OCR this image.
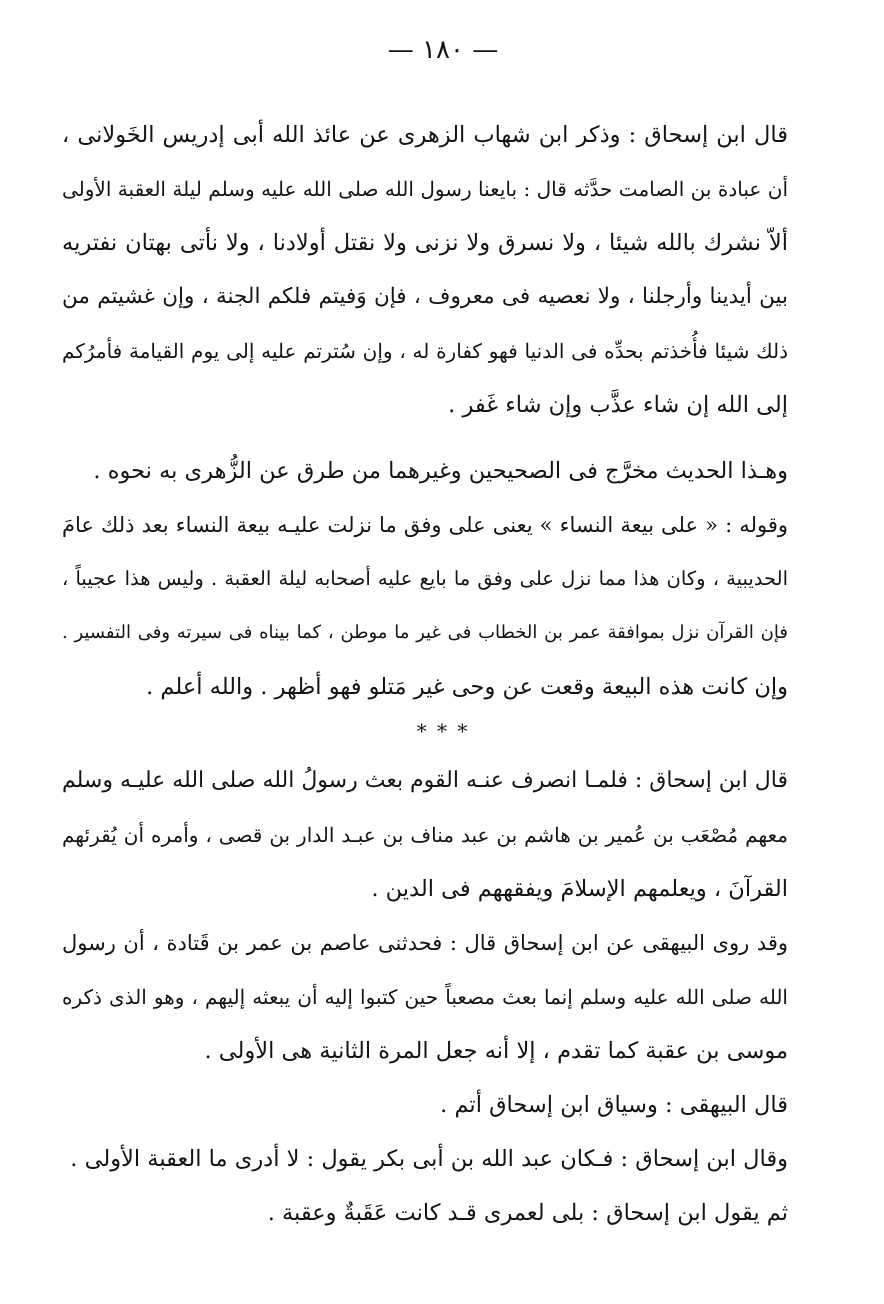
— ١٨٠ —

قال ابن إسحاق : وذكر ابن شهاب الزهرى عن عائذ الله أبى إدريس الخَولانى ،
أن عبادة بن الصامت حدَّثه قال : بايعنا رسول الله صلى الله عليه وسلم ليلة العقبة الأولى
ألاّ نشرك بالله شيئا ، ولا نسرق ولا نزنى ولا نقتل أولادنا ، ولا نأتى بهتان نفتريه
بين أيدينا وأرجلنا ، ولا نعصيه فى معروف ، فإن وَفيتم فلكم الجنة ، وإن غشيتم من
ذلك شيئا فأُخذتم بحدِّه فى الدنيا فهو كفارة له ، وإن سُترتم عليه إلى يوم القيامة فأمرُكم
إلى الله إن شاء عذَّب وإن شاء غَفر .

وهـذا الحديث مخرَّج فى الصحيحين وغيرهما من طرق عن الزُّهرى به نحوه .

وقوله : « على بيعة النساء » يعنى على وفق ما نزلت عليـه بيعة النساء بعد ذلك عامَ
الحديبية ، وكان هذا مما نزل على وفق ما بايع عليه أصحابه ليلة العقبة . وليس هذا عجيباً ،
فإن القرآن نزل بموافقة عمر بن الخطاب فى غير ما موطن ، كما بيناه فى سيرته وفى التفسير .
وإن كانت هذه البيعة وقعت عن وحى غير مَتلو فهو أظهر . والله أعلم .

* * *

قال ابن إسحاق : فلمـا انصرف عنـه القوم بعث رسولُ الله صلى الله عليـه وسلم
معهم مُصْعَب بن عُمير بن هاشم بن عبد مناف بن عبـد الدار بن قصى ، وأمره أن يُقرئهم
القرآنَ ، ويعلمهم الإسلامَ ويفقههم فى الدين .

وقد روى البيهقى عن ابن إسحاق قال : فحدثنى عاصم بن عمر بن قَتادة ، أن رسول
الله صلى الله عليه وسلم إنما بعث مصعباً حين كتبوا إليه أن يبعثه إليهم ، وهو الذى ذكره
موسى بن عقبة كما تقدم ، إلا أنه جعل المرة الثانية هى الأولى .

قال البيهقى : وسياق ابن إسحاق أتم .

وقال ابن إسحاق : فـكان عبد الله بن أبى بكر يقول : لا أدرى ما العقبة الأولى .

ثم يقول ابن إسحاق : بلى لعمرى قـد كانت عَقَبةٌ وعقبة .
